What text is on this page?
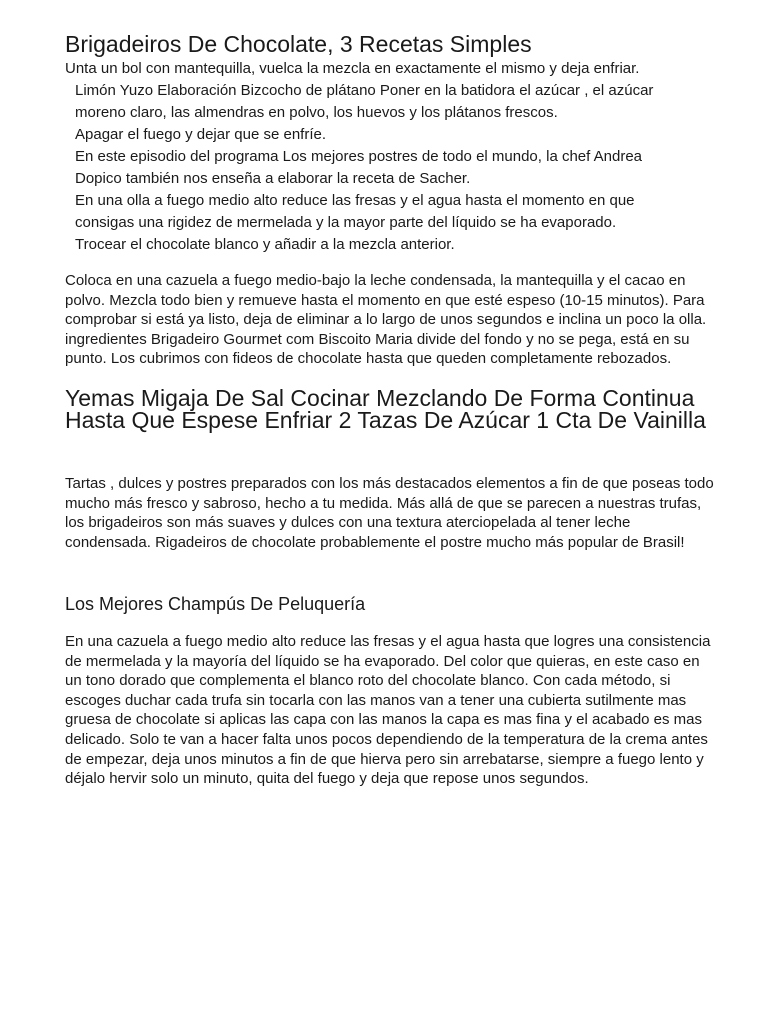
Brigadeiros De Chocolate, 3 Recetas Simples

Unta un bol con mantequilla, vuelca la mezcla en exactamente el mismo y deja enfriar.

Limón Yuzo Elaboración Bizcocho de plátano Poner en la batidora el azúcar , el azúcar
moreno claro, las almendras en polvo, los huevos y los plátanos frescos.
Apagar el fuego y dejar que se enfríe.
En este episodio del programa Los mejores postres de todo el mundo, la chef Andrea
Dopico también nos enseña a elaborar la receta de Sacher.
En una olla a fuego medio alto reduce las fresas y el agua hasta el momento en que
consigas una rigidez de mermelada y la mayor parte del líquido se ha evaporado.
Trocear el chocolate blanco y añadir a la mezcla anterior.

Coloca en una cazuela a fuego medio-bajo la leche condensada, la mantequilla y el cacao en polvo. Mezcla todo bien y remueve hasta el momento en que esté espeso (10-15 minutos). Para comprobar si está ya listo, deja de eliminar a lo largo de unos segundos e inclina un poco la olla. ingredientes Brigadeiro Gourmet com Biscoito Maria divide del fondo y no se pega, está en su punto. Los cubrimos con fideos de chocolate hasta que queden completamente rebozados.

Yemas Migaja De Sal Cocinar Mezclando De Forma Continua Hasta Que Espese Enfriar 2 Tazas De Azúcar 1 Cta De Vainilla

Tartas , dulces y postres preparados con los más destacados elementos a fin de que poseas todo mucho más fresco y sabroso, hecho a tu medida. Más allá de que se parecen a nuestras trufas, los brigadeiros son más suaves y dulces con una textura aterciopelada al tener leche condensada. Rigadeiros de chocolate probablemente el postre mucho más popular de Brasil!

Los Mejores Champús De Peluquería

En una cazuela a fuego medio alto reduce las fresas y el agua hasta que logres una consistencia de mermelada y la mayoría del líquido se ha evaporado. Del color que quieras, en este caso en un tono dorado que complementa el blanco roto del chocolate blanco. Con cada método, si escoges duchar cada trufa sin tocarla con las manos van a tener una cubierta sutilmente mas gruesa de chocolate si aplicas las capa con las manos la capa es mas fina y el acabado es mas delicado. Solo te van a hacer falta unos pocos dependiendo de la temperatura de la crema antes de empezar, deja unos minutos a fin de que hierva pero sin arrebatarse, siempre a fuego lento y déjalo hervir solo un minuto, quita del fuego y deja que repose unos segundos.
